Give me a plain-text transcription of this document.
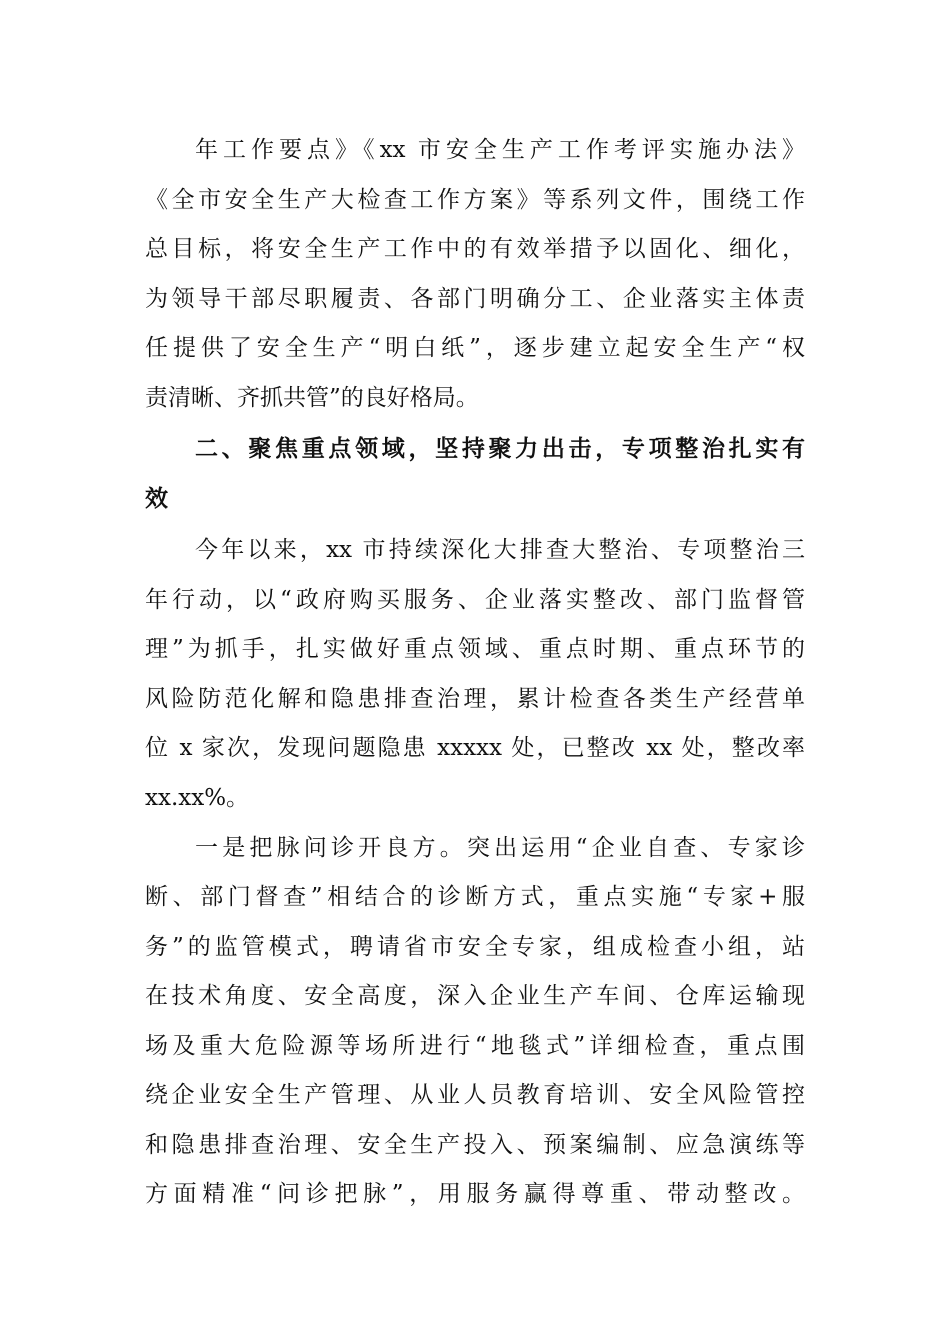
年工作要点》《xx 市安全生产工作考评实施办法》
《全市安全生产大检查工作方案》等系列文件，围绕工作
总目标，将安全生产工作中的有效举措予以固化、细化，
为领导干部尽职履责、各部门明确分工、企业落实主体责
任提供了安全生产“明白纸”，逐步建立起安全生产“权
责清晰、齐抓共管”的良好格局。
二、聚焦重点领域，坚持聚力出击，专项整治扎实有
效
今年以来，xx 市持续深化大排查大整治、专项整治三
年行动，以“政府购买服务、企业落实整改、部门监督管
理”为抓手，扎实做好重点领域、重点时期、重点环节的
风险防范化解和隐患排查治理，累计检查各类生产经营单
位 x 家次，发现问题隐患 xxxxx 处，已整改 xx 处，整改率
xx.xx%。
一是把脉问诊开良方。突出运用“企业自查、专家诊
断、部门督查”相结合的诊断方式，重点实施“专家+服
务”的监管模式，聘请省市安全专家，组成检查小组，站
在技术角度、安全高度，深入企业生产车间、仓库运输现
场及重大危险源等场所进行“地毯式”详细检查，重点围
绕企业安全生产管理、从业人员教育培训、安全风险管控
和隐患排查治理、安全生产投入、预案编制、应急演练等
方面精准“问诊把脉”，用服务赢得尊重、带动整改。
